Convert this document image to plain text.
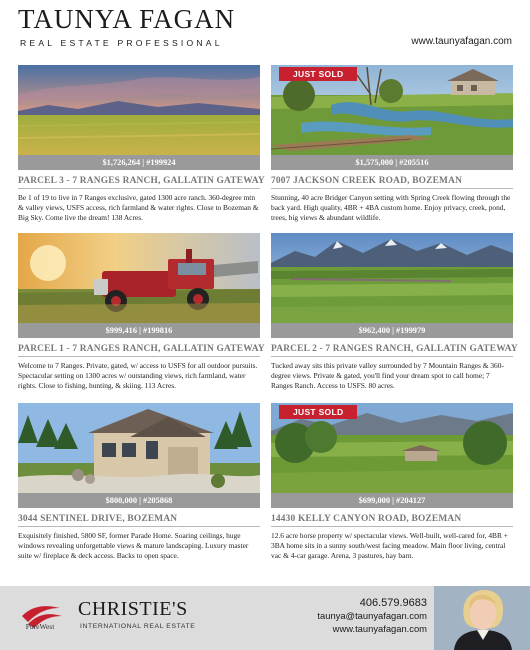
TAUNYA FAGAN
REAL ESTATE PROFESSIONAL	www.taunyafagan.com
$1,726,264 | #199924
PARCEL 3 - 7 RANGES RANCH, GALLATIN GATEWAY
Be 1 of 19 to live in 7 Ranges exclusive, gated 1300 acre ranch. 360-degree mtn & valley views, USFS access, rich farmland & water rights. Close to Bozeman & Big Sky. Come live the dream! 138 Acres.
JUST SOLD
$1,575,000 | #205516
7007 JACKSON CREEK ROAD, BOZEMAN
Stunning, 40 acre Bridger Canyon setting with Spring Creek flowing through the back yard. High quality, 4BR + 4BA custom home. Enjoy privacy, creek, pond, trees, big views & abundant wildlife.
$999,416 | #199816
PARCEL 1 - 7 RANGES RANCH, GALLATIN GATEWAY
Welcome to 7 Ranges. Private, gated, w/ access to USFS for all outdoor pursuits. Spectacular setting on 1300 acres w/ outstanding views, rich farmland, water rights. Close to fishing, hunting, & skiing. 113 Acres.
$962,400 | #199979
PARCEL 2 - 7 RANGES RANCH, GALLATIN GATEWAY
Tucked away sits this private valley surrounded by 7 Mountain Ranges & 360-degree views. Private & gated, you'll find your dream spot to call home; 7 Ranges Ranch. Access to USFS. 80 acres.
$800,000 | #205868
3044 SENTINEL DRIVE, BOZEMAN
Exquisitely finished, 5800 SF, former Parade Home. Soaring ceilings, huge windows revealing unforgettable views & mature landscaping. Luxury master suite w/ fireplace & deck access. Backs to open space.
JUST SOLD
$699,000 | #204127
14430 KELLY CANYON ROAD, BOZEMAN
12.6 acre horse property w/ spectacular views. Well-built, well-cared for, 4BR + 3BA home sits in a sunny south/west facing meadow. Main floor living, central vac & 4-car garage. Arena, 3 pastures, hay barn.
PureWest
CHRISTIE'S
INTERNATIONAL REAL ESTATE
406.579.9683
taunya@taunyafagan.com
www.taunyafagan.com
